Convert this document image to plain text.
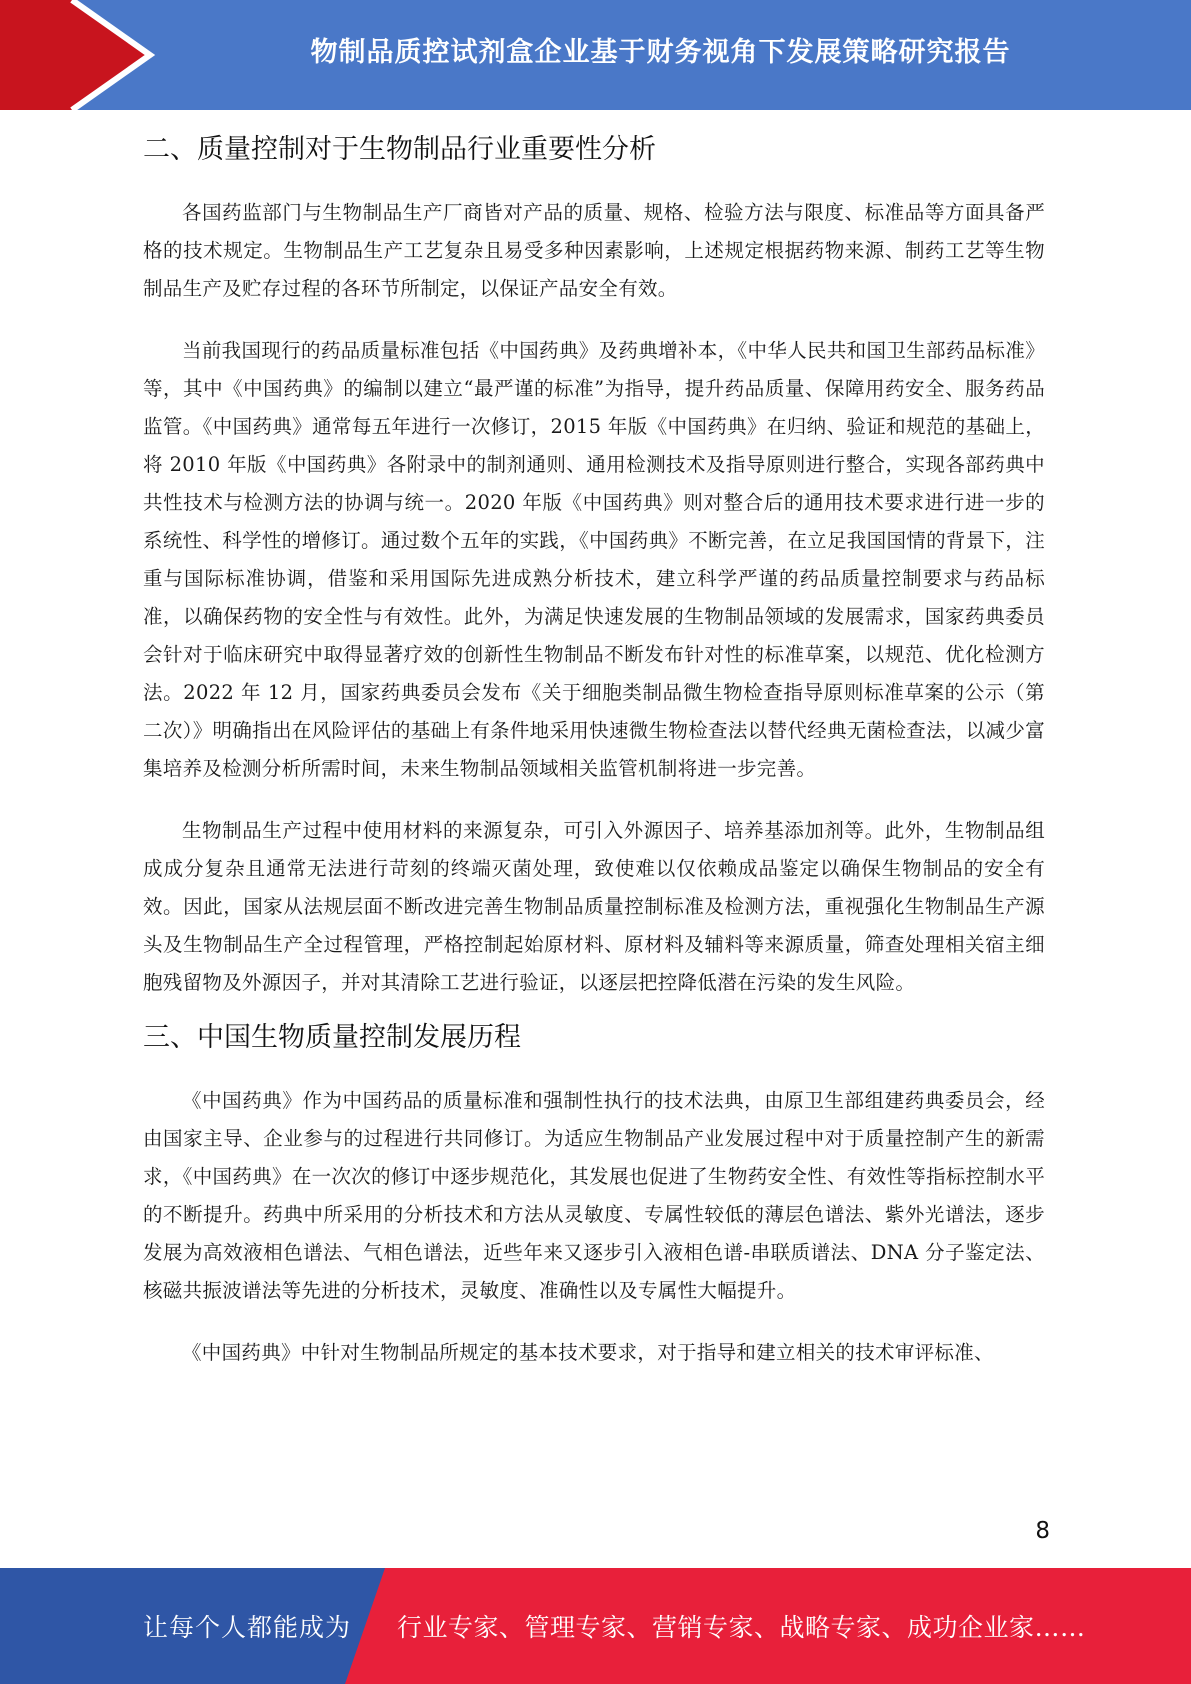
物制品质控试剂盒企业基于财务视角下发展策略研究报告
二、质量控制对于生物制品行业重要性分析

各国药监部门与生物制品生产厂商皆对产品的质量、规格、检验方法与限度、标准品等方面具备严格的技术规定。生物制品生产工艺复杂且易受多种因素影响，上述规定根据药物来源、制药工艺等生物制品生产及贮存过程的各环节所制定，以保证产品安全有效。

当前我国现行的药品质量标准包括《中国药典》及药典增补本，《中华人民共和国卫生部药品标准》等，其中《中国药典》的编制以建立“最严谨的标准”为指导，提升药品质量、保障用药安全、服务药品监管。《中国药典》通常每五年进行一次修订，2015 年版《中国药典》在归纳、验证和规范的基础上，将 2010 年版《中国药典》各附录中的制剂通则、通用检测技术及指导原则进行整合，实现各部药典中共性技术与检测方法的协调与统一。2020 年版《中国药典》则对整合后的通用技术要求进行进一步的系统性、科学性的增修订。通过数个五年的实践，《中国药典》不断完善，在立足我国国情的背景下，注重与国际标准协调，借鉴和采用国际先进成熟分析技术，建立科学严谨的药品质量控制要求与药品标准，以确保药物的安全性与有效性。此外，为满足快速发展的生物制品领域的发展需求，国家药典委员会针对于临床研究中取得显著疗效的创新性生物制品不断发布针对性的标准草案，以规范、优化检测方法。2022 年 12 月，国家药典委员会发布《关于细胞类制品微生物检查指导原则标准草案的公示（第二次）》明确指出在风险评估的基础上有条件地采用快速微生物检查法以替代经典无菌检查法，以减少富集培养及检测分析所需时间，未来生物制品领域相关监管机制将进一步完善。

生物制品生产过程中使用材料的来源复杂，可引入外源因子、培养基添加剂等。此外，生物制品组成成分复杂且通常无法进行苛刻的终端灭菌处理，致使难以仅依赖成品鉴定以确保生物制品的安全有效。因此，国家从法规层面不断改进完善生物制品质量控制标准及检测方法，重视强化生物制品生产源头及生物制品生产全过程管理，严格控制起始原材料、原材料及辅料等来源质量，筛查处理相关宿主细胞残留物及外源因子，并对其清除工艺进行验证，以逐层把控降低潜在污染的发生风险。

三、中国生物质量控制发展历程

《中国药典》作为中国药品的质量标准和强制性执行的技术法典，由原卫生部组建药典委员会，经由国家主导、企业参与的过程进行共同修订。为适应生物制品产业发展过程中对于质量控制产生的新需求，《中国药典》在一次次的修订中逐步规范化，其发展也促进了生物药安全性、有效性等指标控制水平的不断提升。药典中所采用的分析技术和方法从灵敏度、专属性较低的薄层色谱法、紫外光谱法，逐步发展为高效液相色谱法、气相色谱法，近些年来又逐步引入液相色谱-串联质谱法、DNA 分子鉴定法、核磁共振波谱法等先进的分析技术，灵敏度、准确性以及专属性大幅提升。

《中国药典》中针对生物制品所规定的基本技术要求，对于指导和建立相关的技术审评标准、

8
让每个人都能成为 行业专家、管理专家、营销专家、战略专家、成功企业家……
